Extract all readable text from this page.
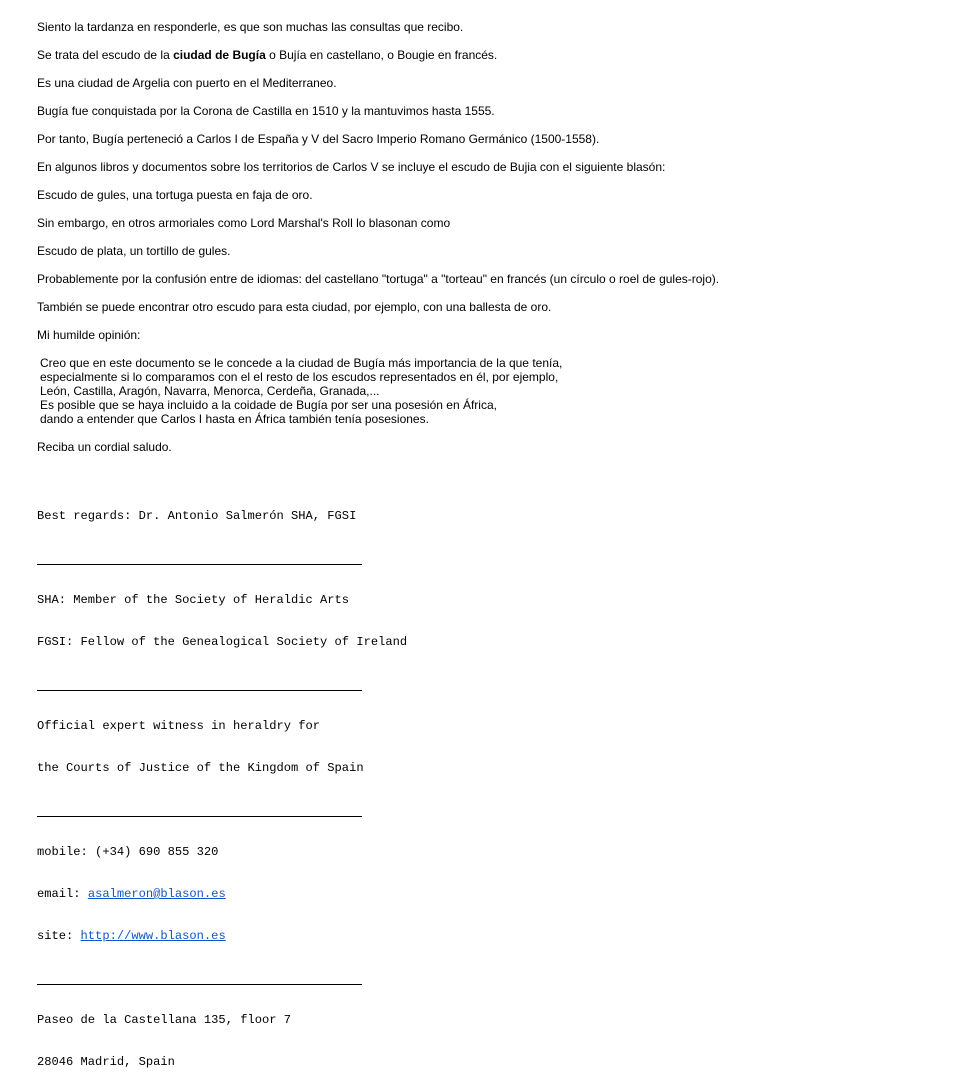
Siento la tardanza en responderle, es que son muchas las consultas que recibo.

Se trata del escudo de la ciudad de Bugía o Bujía en castellano, o Bougie en francés.

Es una ciudad de Argelia con puerto en el Mediterraneo.

Bugía fue conquistada por la Corona de Castilla en 1510 y la mantuvimos hasta 1555.

Por tanto, Bugía perteneció a Carlos I de España y V del Sacro Imperio Romano Germánico (1500-1558).

En algunos libros y documentos sobre los territorios de Carlos V se incluye el escudo de Bujia con el siguiente blasón:

Escudo de gules, una tortuga puesta en faja de oro.

Sin embargo, en otros armoriales como Lord Marshal's Roll lo blasonan como

Escudo de plata, un tortillo de gules.

Probablemente por la confusión entre de idiomas: del castellano "tortuga" a "torteau" en francés (un círculo o roel de gules-rojo).

También se puede encontrar otro escudo para esta ciudad, por ejemplo, con una ballesta de oro.

Mi humilde opinión:

Creo que en este documento se le concede a la ciudad de Bugía más importancia de la que tenía,

especialmente si lo comparamos con el el resto de los escudos representados en él, por ejemplo,

León, Castilla, Aragón, Navarra, Menorca, Cerdeña, Granada,...

Es posible que se haya incluido a la coidade de Bugía por ser una posesión en África,

dando a entender que Carlos I hasta en África también tenía posesiones.

Reciba un cordial saludo.

Best regards: Dr. Antonio Salmerón SHA, FGSI

SHA: Member of the Society of Heraldic Arts

FGSI: Fellow of the Genealogical Society of Ireland

Official expert witness in heraldry for

the Courts of Justice of the Kingdom of Spain

mobile: (+34) 690 855 320

email: asalmeron@blason.es

site: http://www.blason.es

Paseo de la Castellana 135, floor 7

28046 Madrid, Spain
